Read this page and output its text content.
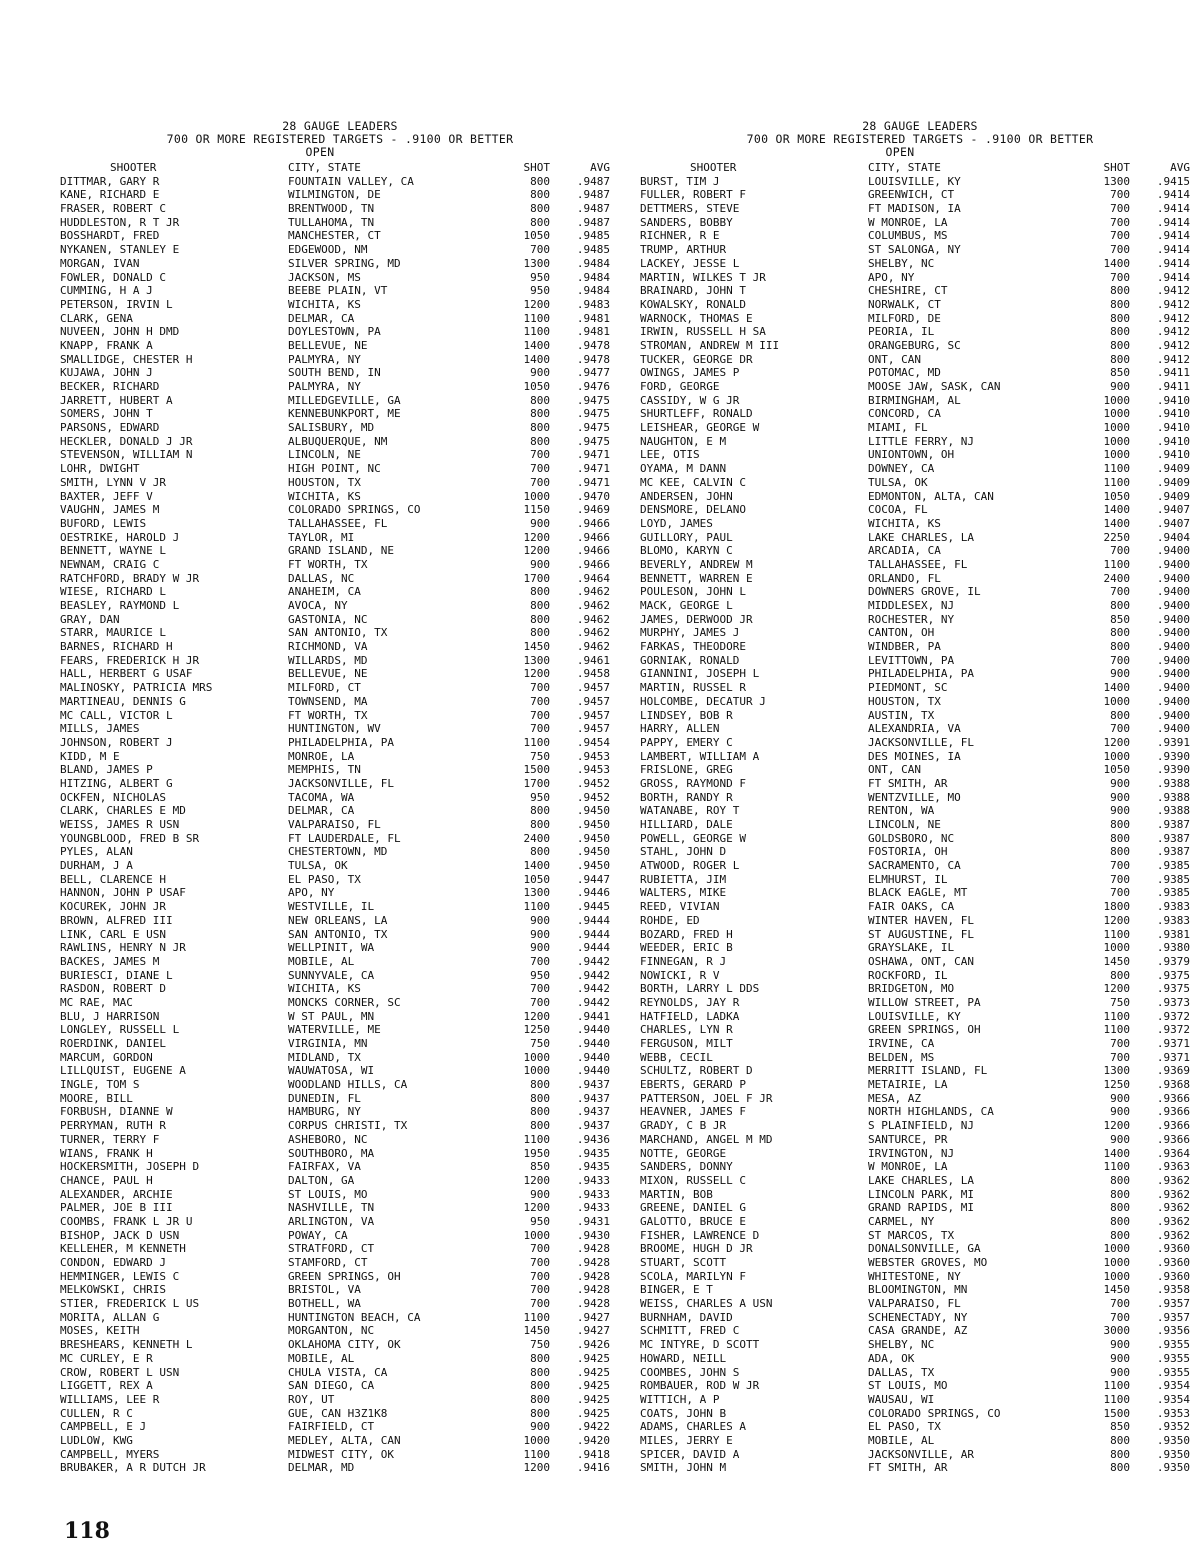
28 GAUGE LEADERS
700 OR MORE REGISTERED TARGETS - .9100 OR BETTER
OPEN
SHOOTER	CITY, STATE	SHOT	AVG
DITTMAR, GARY R	FOUNTAIN VALLEY, CA	800	.9487
KANE, RICHARD E	WILMINGTON, DE	800	.9487
FRASER, ROBERT C	BRENTWOOD, TN	800	.9487
HUDDLESTON, R T JR	TULLAHOMA, TN	800	.9487
BOSSHARDT, FRED	MANCHESTER, CT	1050	.9485
NYKANEN, STANLEY E	EDGEWOOD, NM	700	.9485
MORGAN, IVAN	SILVER SPRING, MD	1300	.9484
FOWLER, DONALD C	JACKSON, MS	950	.9484
CUMMING, H A J	BEEBE PLAIN, VT	950	.9484
PETERSON, IRVIN L	WICHITA, KS	1200	.9483
CLARK, GENA	DELMAR, CA	1100	.9481
NUVEEN, JOHN H DMD	DOYLESTOWN, PA	1100	.9481
KNAPP, FRANK A	BELLEVUE, NE	1400	.9478
SMALLIDGE, CHESTER H	PALMYRA, NY	1400	.9478
KUJAWA, JOHN J	SOUTH BEND, IN	900	.9477
BECKER, RICHARD	PALMYRA, NY	1050	.9476
JARRETT, HUBERT A	MILLEDGEVILLE, GA	800	.9475
SOMERS, JOHN T	KENNEBUNKPORT, ME	800	.9475
PARSONS, EDWARD	SALISBURY, MD	800	.9475
HECKLER, DONALD J JR	ALBUQUERQUE, NM	800	.9475
STEVENSON, WILLIAM N	LINCOLN, NE	700	.9471
LOHR, DWIGHT	HIGH POINT, NC	700	.9471
SMITH, LYNN V JR	HOUSTON, TX	700	.9471
BAXTER, JEFF V	WICHITA, KS	1000	.9470
VAUGHN, JAMES M	COLORADO SPRINGS, CO	1150	.9469
BUFORD, LEWIS	TALLAHASSEE, FL	900	.9466
OESTRIKE, HAROLD J	TAYLOR, MI	1200	.9466
BENNETT, WAYNE L	GRAND ISLAND, NE	1200	.9466
NEWNAM, CRAIG C	FT WORTH, TX	900	.9466
RATCHFORD, BRADY W JR	DALLAS, NC	1700	.9464
WIESE, RICHARD L	ANAHEIM, CA	800	.9462
BEASLEY, RAYMOND L	AVOCA, NY	800	.9462
GRAY, DAN	GASTONIA, NC	800	.9462
STARR, MAURICE L	SAN ANTONIO, TX	800	.9462
BARNES, RICHARD H	RICHMOND, VA	1450	.9462
FEARS, FREDERICK H JR	WILLARDS, MD	1300	.9461
HALL, HERBERT G USAF	BELLEVUE, NE	1200	.9458
MALINOSKY, PATRICIA MRS	MILFORD, CT	700	.9457
MARTINEAU, DENNIS G	TOWNSEND, MA	700	.9457
MC CALL, VICTOR L	FT WORTH, TX	700	.9457
MILLS, JAMES	HUNTINGTON, WV	700	.9457
JOHNSON, ROBERT J	PHILADELPHIA, PA	1100	.9454
KIDD, M E	MONROE, LA	750	.9453
BLAND, JAMES P	MEMPHIS, TN	1500	.9453
HITZING, ALBERT G	JACKSONVILLE, FL	1700	.9452
OCKFEN, NICHOLAS	TACOMA, WA	950	.9452
CLARK, CHARLES E MD	DELMAR, CA	800	.9450
WEISS, JAMES R USN	VALPARAISO, FL	800	.9450
YOUNGBLOOD, FRED B SR	FT LAUDERDALE, FL	2400	.9450
PYLES, ALAN	CHESTERTOWN, MD	800	.9450
DURHAM, J A	TULSA, OK	1400	.9450
BELL, CLARENCE H	EL PASO, TX	1050	.9447
HANNON, JOHN P USAF	APO, NY	1300	.9446
KOCUREK, JOHN JR	WESTVILLE, IL	1100	.9445
BROWN, ALFRED III	NEW ORLEANS, LA	900	.9444
LINK, CARL E USN	SAN ANTONIO, TX	900	.9444
RAWLINS, HENRY N JR	WELLPINIT, WA	900	.9444
BACKES, JAMES M	MOBILE, AL	700	.9442
BURIESCI, DIANE L	SUNNYVALE, CA	950	.9442
RASDON, ROBERT D	WICHITA, KS	700	.9442
MC RAE, MAC	MONCKS CORNER, SC	700	.9442
BLU, J HARRISON	W ST PAUL, MN	1200	.9441
LONGLEY, RUSSELL L	WATERVILLE, ME	1250	.9440
ROERDINK, DANIEL	VIRGINIA, MN	750	.9440
MARCUM, GORDON	MIDLAND, TX	1000	.9440
LILLQUIST, EUGENE A	WAUWATOSA, WI	1000	.9440
INGLE, TOM S	WOODLAND HILLS, CA	800	.9437
MOORE, BILL	DUNEDIN, FL	800	.9437
FORBUSH, DIANNE W	HAMBURG, NY	800	.9437
PERRYMAN, RUTH R	CORPUS CHRISTI, TX	800	.9437
TURNER, TERRY F	ASHEBORO, NC	1100	.9436
WIANS, FRANK H	SOUTHBORO, MA	1950	.9435
HOCKERSMITH, JOSEPH D	FAIRFAX, VA	850	.9435
CHANCE, PAUL H	DALTON, GA	1200	.9433
ALEXANDER, ARCHIE	ST LOUIS, MO	900	.9433
PALMER, JOE B III	NASHVILLE, TN	1200	.9433
COOMBS, FRANK L JR U	ARLINGTON, VA	950	.9431
BISHOP, JACK D USN	POWAY, CA	1000	.9430
KELLEHER, M KENNETH	STRATFORD, CT	700	.9428
CONDON, EDWARD J	STAMFORD, CT	700	.9428
HEMMINGER, LEWIS C	GREEN SPRINGS, OH	700	.9428
MELKOWSKI, CHRIS	BRISTOL, VA	700	.9428
STIER, FREDERICK L US	BOTHELL, WA	700	.9428
MORITA, ALLAN G	HUNTINGTON BEACH, CA	1100	.9427
MOSES, KEITH	MORGANTON, NC	1450	.9427
BRESHEARS, KENNETH L	OKLAHOMA CITY, OK	750	.9426
MC CURLEY, E R	MOBILE, AL	800	.9425
CROW, ROBERT L USN	CHULA VISTA, CA	800	.9425
LIGGETT, REX A	SAN DIEGO, CA	800	.9425
WILLIAMS, LEE R	ROY, UT	800	.9425
CULLEN, R C	GUE, CAN H3Z1K8	800	.9425
CAMPBELL, E J	FAIRFIELD, CT	900	.9422
LUDLOW, KWG	MEDLEY, ALTA, CAN	1000	.9420
CAMPBELL, MYERS	MIDWEST CITY, OK	1100	.9418
BRUBAKER, A R DUTCH JR	DELMAR, MD	1200	.9416
28 GAUGE LEADERS
700 OR MORE REGISTERED TARGETS - .9100 OR BETTER
OPEN
SHOOTER	CITY, STATE	SHOT	AVG
BURST, TIM J	LOUISVILLE, KY	1300	.9415
FULLER, ROBERT F	GREENWICH, CT	700	.9414
DETTMERS, STEVE	FT MADISON, IA	700	.9414
SANDERS, BOBBY	W MONROE, LA	700	.9414
RICHNER, R E	COLUMBUS, MS	700	.9414
TRUMP, ARTHUR	ST SALONGA, NY	700	.9414
LACKEY, JESSE L	SHELBY, NC	1400	.9414
MARTIN, WILKES T JR	APO, NY	700	.9414
BRAINARD, JOHN T	CHESHIRE, CT	800	.9412
KOWALSKY, RONALD	NORWALK, CT	800	.9412
WARNOCK, THOMAS E	MILFORD, DE	800	.9412
IRWIN, RUSSELL H SA	PEORIA, IL	800	.9412
STROMAN, ANDREW M III	ORANGEBURG, SC	800	.9412
TUCKER, GEORGE DR	ONT, CAN	800	.9412
OWINGS, JAMES P	POTOMAC, MD	850	.9411
FORD, GEORGE	MOOSE JAW, SASK, CAN	900	.9411
CASSIDY, W G JR	BIRMINGHAM, AL	1000	.9410
SHURTLEFF, RONALD	CONCORD, CA	1000	.9410
LEISHEAR, GEORGE W	MIAMI, FL	1000	.9410
NAUGHTON, E M	LITTLE FERRY, NJ	1000	.9410
LEE, OTIS	UNIONTOWN, OH	1000	.9410
OYAMA, M DANN	DOWNEY, CA	1100	.9409
MC KEE, CALVIN C	TULSA, OK	1100	.9409
ANDERSEN, JOHN	EDMONTON, ALTA, CAN	1050	.9409
DENSMORE, DELANO	COCOA, FL	1400	.9407
LOYD, JAMES	WICHITA, KS	1400	.9407
GUILLORY, PAUL	LAKE CHARLES, LA	2250	.9404
BLOMO, KARYN C	ARCADIA, CA	700	.9400
BEVERLY, ANDREW M	TALLAHASSEE, FL	1100	.9400
BENNETT, WARREN E	ORLANDO, FL	2400	.9400
POULESON, JOHN L	DOWNERS GROVE, IL	700	.9400
MACK, GEORGE L	MIDDLESEX, NJ	800	.9400
JAMES, DERWOOD JR	ROCHESTER, NY	850	.9400
MURPHY, JAMES J	CANTON, OH	800	.9400
FARKAS, THEODORE	WINDBER, PA	800	.9400
GORNIAK, RONALD	LEVITTOWN, PA	700	.9400
GIANNINI, JOSEPH L	PHILADELPHIA, PA	900	.9400
MARTIN, RUSSEL R	PIEDMONT, SC	1400	.9400
HOLCOMBE, DECATUR J	HOUSTON, TX	1000	.9400
LINDSEY, BOB R	AUSTIN, TX	800	.9400
HARRY, ALLEN	ALEXANDRIA, VA	700	.9400
PAPPY, EMERY C	JACKSONVILLE, FL	1200	.9391
LAMBERT, WILLIAM A	DES MOINES, IA	1000	.9390
FRISLONE, GREG	ONT, CAN	1050	.9390
GROSS, RAYMOND F	FT SMITH, AR	900	.9388
BORTH, RANDY R	WENTZVILLE, MO	900	.9388
WATANABE, ROY T	RENTON, WA	900	.9388
HILLIARD, DALE	LINCOLN, NE	800	.9387
POWELL, GEORGE W	GOLDSBORO, NC	800	.9387
STAHL, JOHN D	FOSTORIA, OH	800	.9387
ATWOOD, ROGER L	SACRAMENTO, CA	700	.9385
RUBIETTA, JIM	ELMHURST, IL	700	.9385
WALTERS, MIKE	BLACK EAGLE, MT	700	.9385
REED, VIVIAN	FAIR OAKS, CA	1800	.9383
ROHDE, ED	WINTER HAVEN, FL	1200	.9383
BOZARD, FRED H	ST AUGUSTINE, FL	1100	.9381
WEEDER, ERIC B	GRAYSLAKE, IL	1000	.9380
FINNEGAN, R J	OSHAWA, ONT, CAN	1450	.9379
NOWICKI, R V	ROCKFORD, IL	800	.9375
BORTH, LARRY L DDS	BRIDGETON, MO	1200	.9375
REYNOLDS, JAY R	WILLOW STREET, PA	750	.9373
HATFIELD, LADKA	LOUISVILLE, KY	1100	.9372
CHARLES, LYN R	GREEN SPRINGS, OH	1100	.9372
FERGUSON, MILT	IRVINE, CA	700	.9371
WEBB, CECIL	BELDEN, MS	700	.9371
SCHULTZ, ROBERT D	MERRITT ISLAND, FL	1300	.9369
EBERTS, GERARD P	METAIRIE, LA	1250	.9368
PATTERSON, JOEL F JR	MESA, AZ	900	.9366
HEAVNER, JAMES F	NORTH HIGHLANDS, CA	900	.9366
GRADY, C B JR	S PLAINFIELD, NJ	1200	.9366
MARCHAND, ANGEL M MD	SANTURCE, PR	900	.9366
NOTTE, GEORGE	IRVINGTON, NJ	1400	.9364
SANDERS, DONNY	W MONROE, LA	1100	.9363
MIXON, RUSSELL C	LAKE CHARLES, LA	800	.9362
MARTIN, BOB	LINCOLN PARK, MI	800	.9362
GREENE, DANIEL G	GRAND RAPIDS, MI	800	.9362
GALOTTO, BRUCE E	CARMEL, NY	800	.9362
FISHER, LAWRENCE D	ST MARCOS, TX	800	.9362
BROOME, HUGH D JR	DONALSONVILLE, GA	1000	.9360
STUART, SCOTT	WEBSTER GROVES, MO	1000	.9360
SCOLA, MARILYN F	WHITESTONE, NY	1000	.9360
BINGER, E T	BLOOMINGTON, MN	1450	.9358
WEISS, CHARLES A USN	VALPARAISO, FL	700	.9357
BURNHAM, DAVID	SCHENECTADY, NY	700	.9357
SCHMITT, FRED C	CASA GRANDE, AZ	3000	.9356
MC INTYRE, D SCOTT	SHELBY, NC	900	.9355
HOWARD, NEILL	ADA, OK	900	.9355
COOMBES, JOHN S	DALLAS, TX	900	.9355
ROMBAUER, ROD W JR	ST LOUIS, MO	1100	.9354
WITTICH, A P	WAUSAU, WI	1100	.9354
COATS, JOHN B	COLORADO SPRINGS, CO	1500	.9353
ADAMS, CHARLES A	EL PASO, TX	850	.9352
MILES, JERRY E	MOBILE, AL	800	.9350
SPICER, DAVID A	JACKSONVILLE, AR	800	.9350
SMITH, JOHN M	FT SMITH, AR	800	.9350
118
